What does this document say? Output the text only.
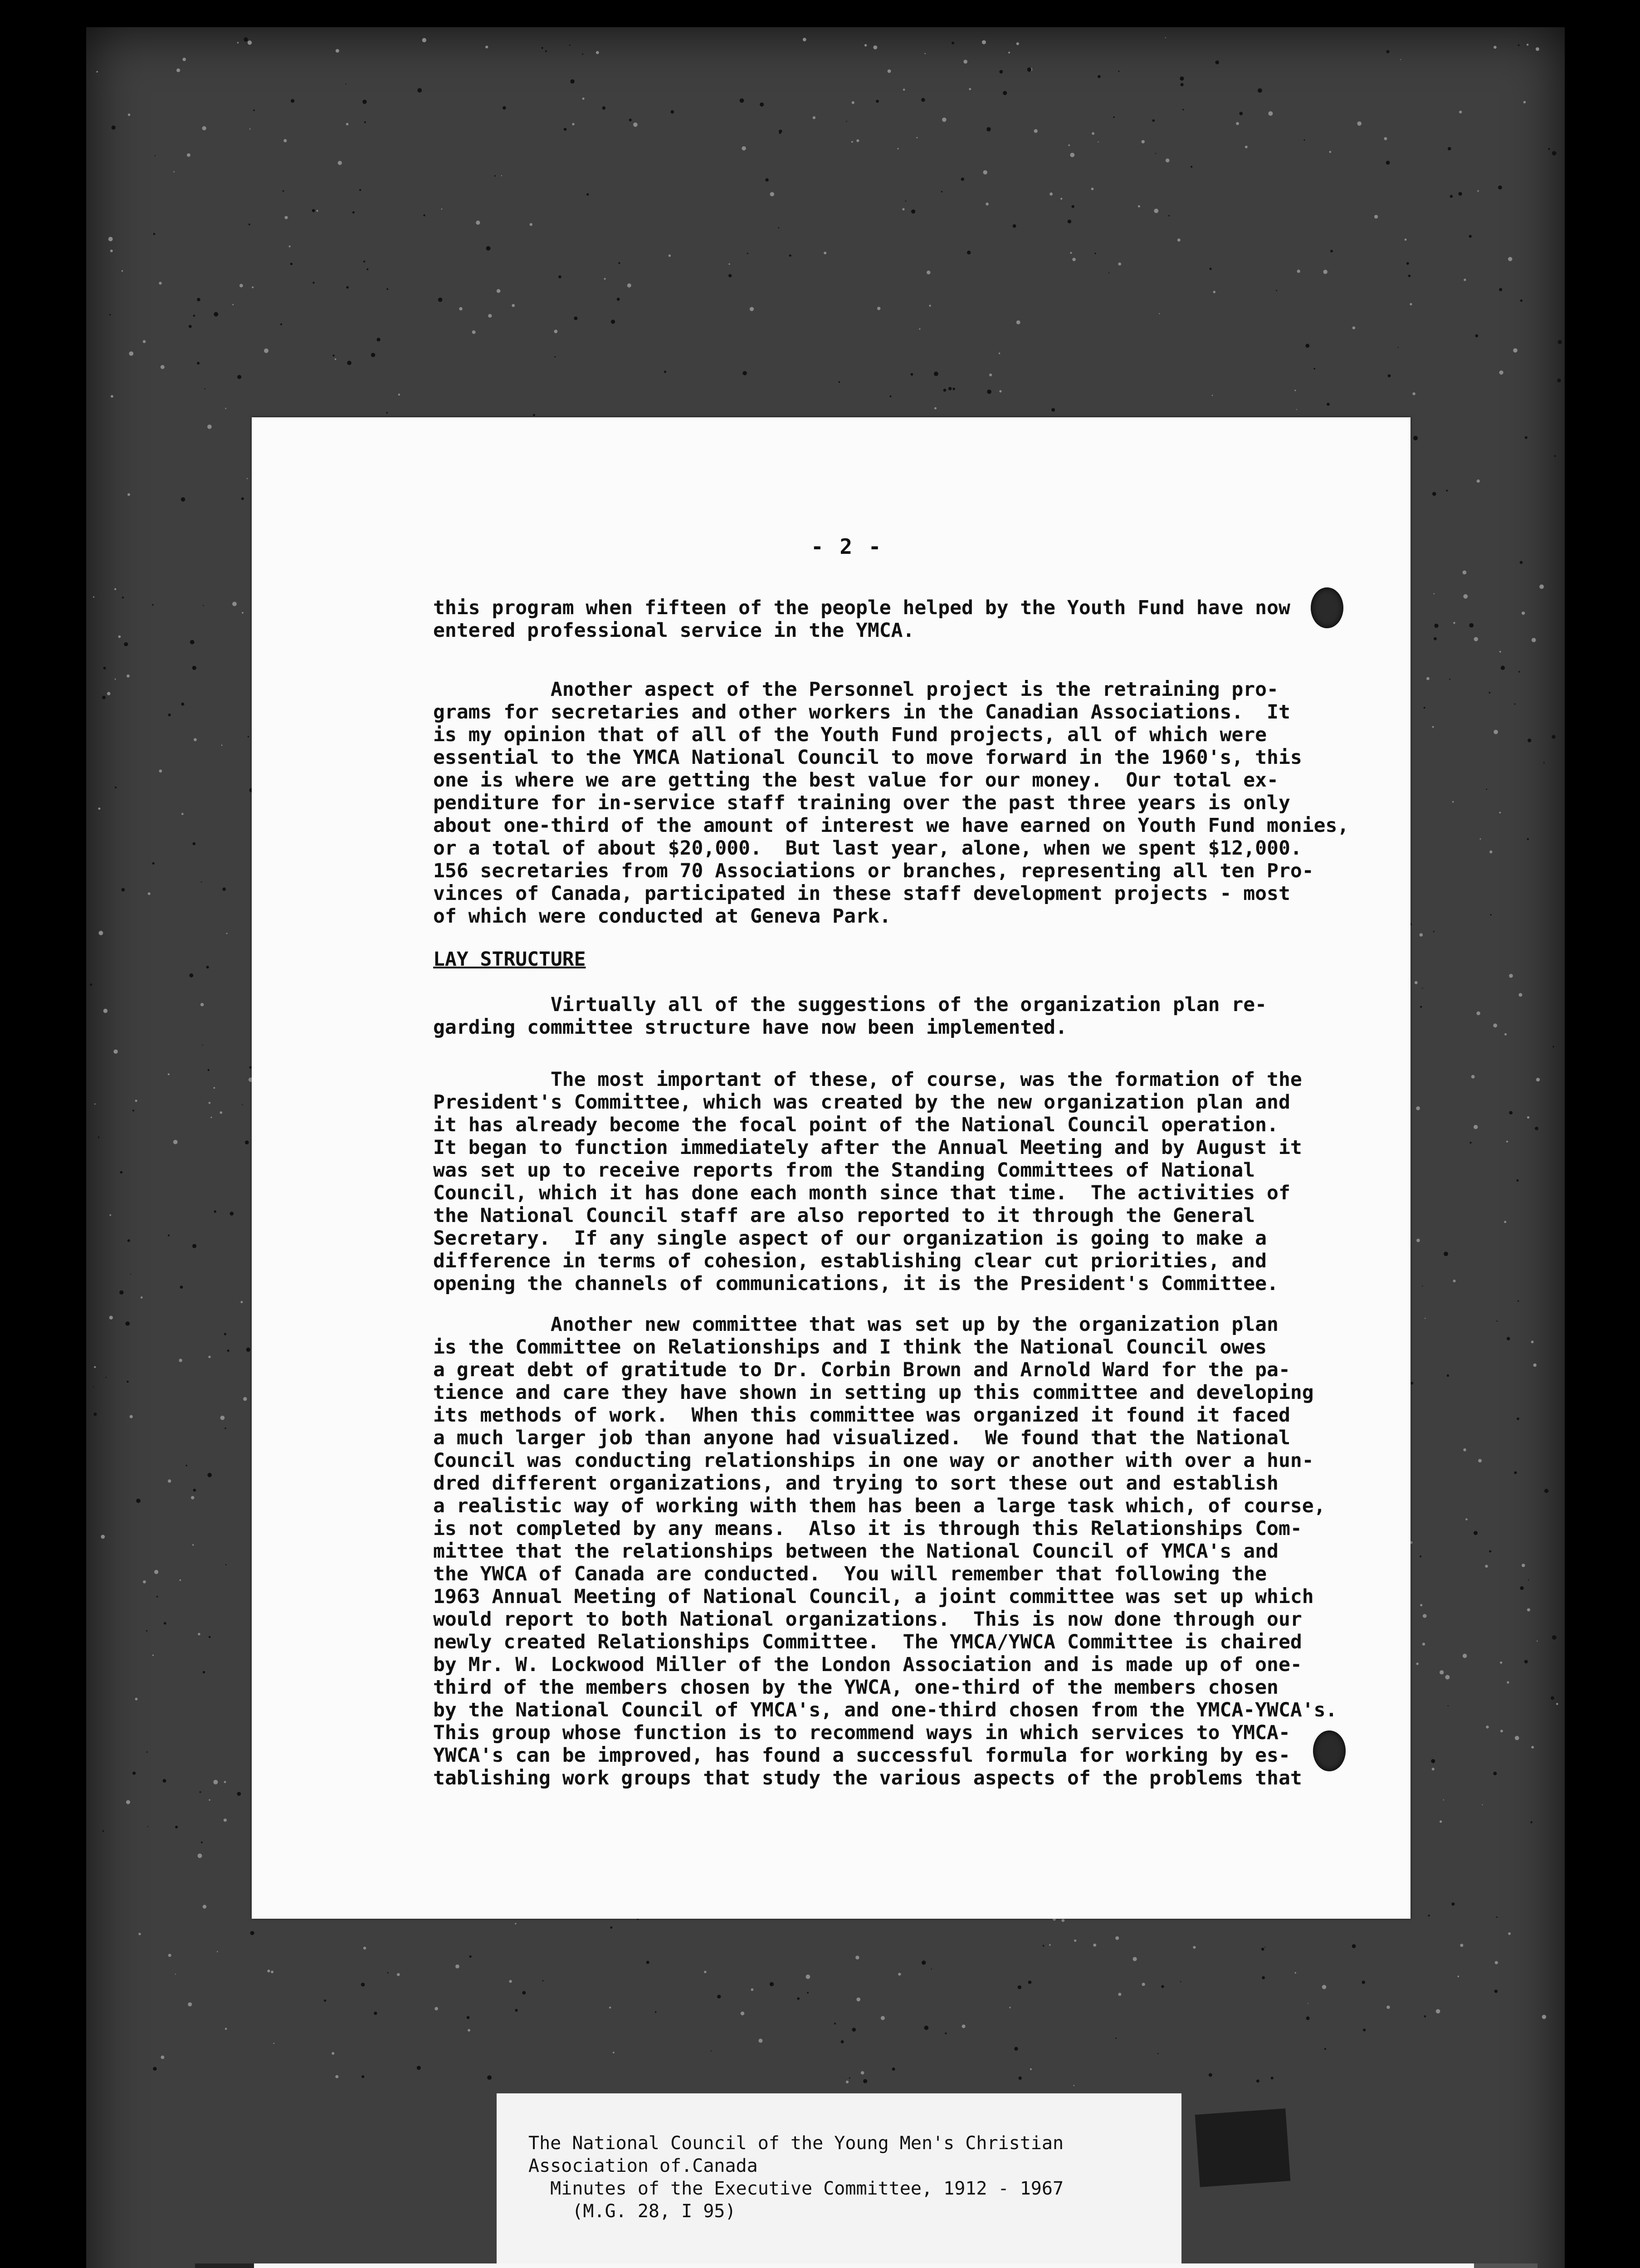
- 2 -
this program when fifteen of the people helped by the Youth Fund have now
entered professional service in the YMCA.
Another aspect of the Personnel project is the retraining pro-
grams for secretaries and other workers in the Canadian Associations.  It
is my opinion that of all of the Youth Fund projects, all of which were
essential to the YMCA National Council to move forward in the 1960's, this
one is where we are getting the best value for our money.  Our total ex-
penditure for in-service staff training over the past three years is only
about one-third of the amount of interest we have earned on Youth Fund monies,
or a total of about $20,000.  But last year, alone, when we spent $12,000.
156 secretaries from 70 Associations or branches, representing all ten Pro-
vinces of Canada, participated in these staff development projects - most
of which were conducted at Geneva Park.
LAY STRUCTURE
Virtually all of the suggestions of the organization plan re-
garding committee structure have now been implemented.
The most important of these, of course, was the formation of the
President's Committee, which was created by the new organization plan and
it has already become the focal point of the National Council operation.
It began to function immediately after the Annual Meeting and by August it
was set up to receive reports from the Standing Committees of National
Council, which it has done each month since that time.  The activities of
the National Council staff are also reported to it through the General
Secretary.  If any single aspect of our organization is going to make a
difference in terms of cohesion, establishing clear cut priorities, and
opening the channels of communications, it is the President's Committee.
Another new committee that was set up by the organization plan
is the Committee on Relationships and I think the National Council owes
a great debt of gratitude to Dr. Corbin Brown and Arnold Ward for the pa-
tience and care they have shown in setting up this committee and developing
its methods of work.  When this committee was organized it found it faced
a much larger job than anyone had visualized.  We found that the National
Council was conducting relationships in one way or another with over a hun-
dred different organizations, and trying to sort these out and establish
a realistic way of working with them has been a large task which, of course,
is not completed by any means.  Also it is through this Relationships Com-
mittee that the relationships between the National Council of YMCA's and
the YWCA of Canada are conducted.  You will remember that following the
1963 Annual Meeting of National Council, a joint committee was set up which
would report to both National organizations.  This is now done through our
newly created Relationships Committee.  The YMCA/YWCA Committee is chaired
by Mr. W. Lockwood Miller of the London Association and is made up of one-
third of the members chosen by the YWCA, one-third of the members chosen
by the National Council of YMCA's, and one-third chosen from the YMCA-YWCA's.
This group whose function is to recommend ways in which services to YMCA-
YWCA's can be improved, has found a successful formula for working by es-
tablishing work groups that study the various aspects of the problems that
The National Council of the Young Men's Christian
Association of.Canada
Minutes of the Executive Committee, 1912 - 1967
(M.G. 28, I 95)
